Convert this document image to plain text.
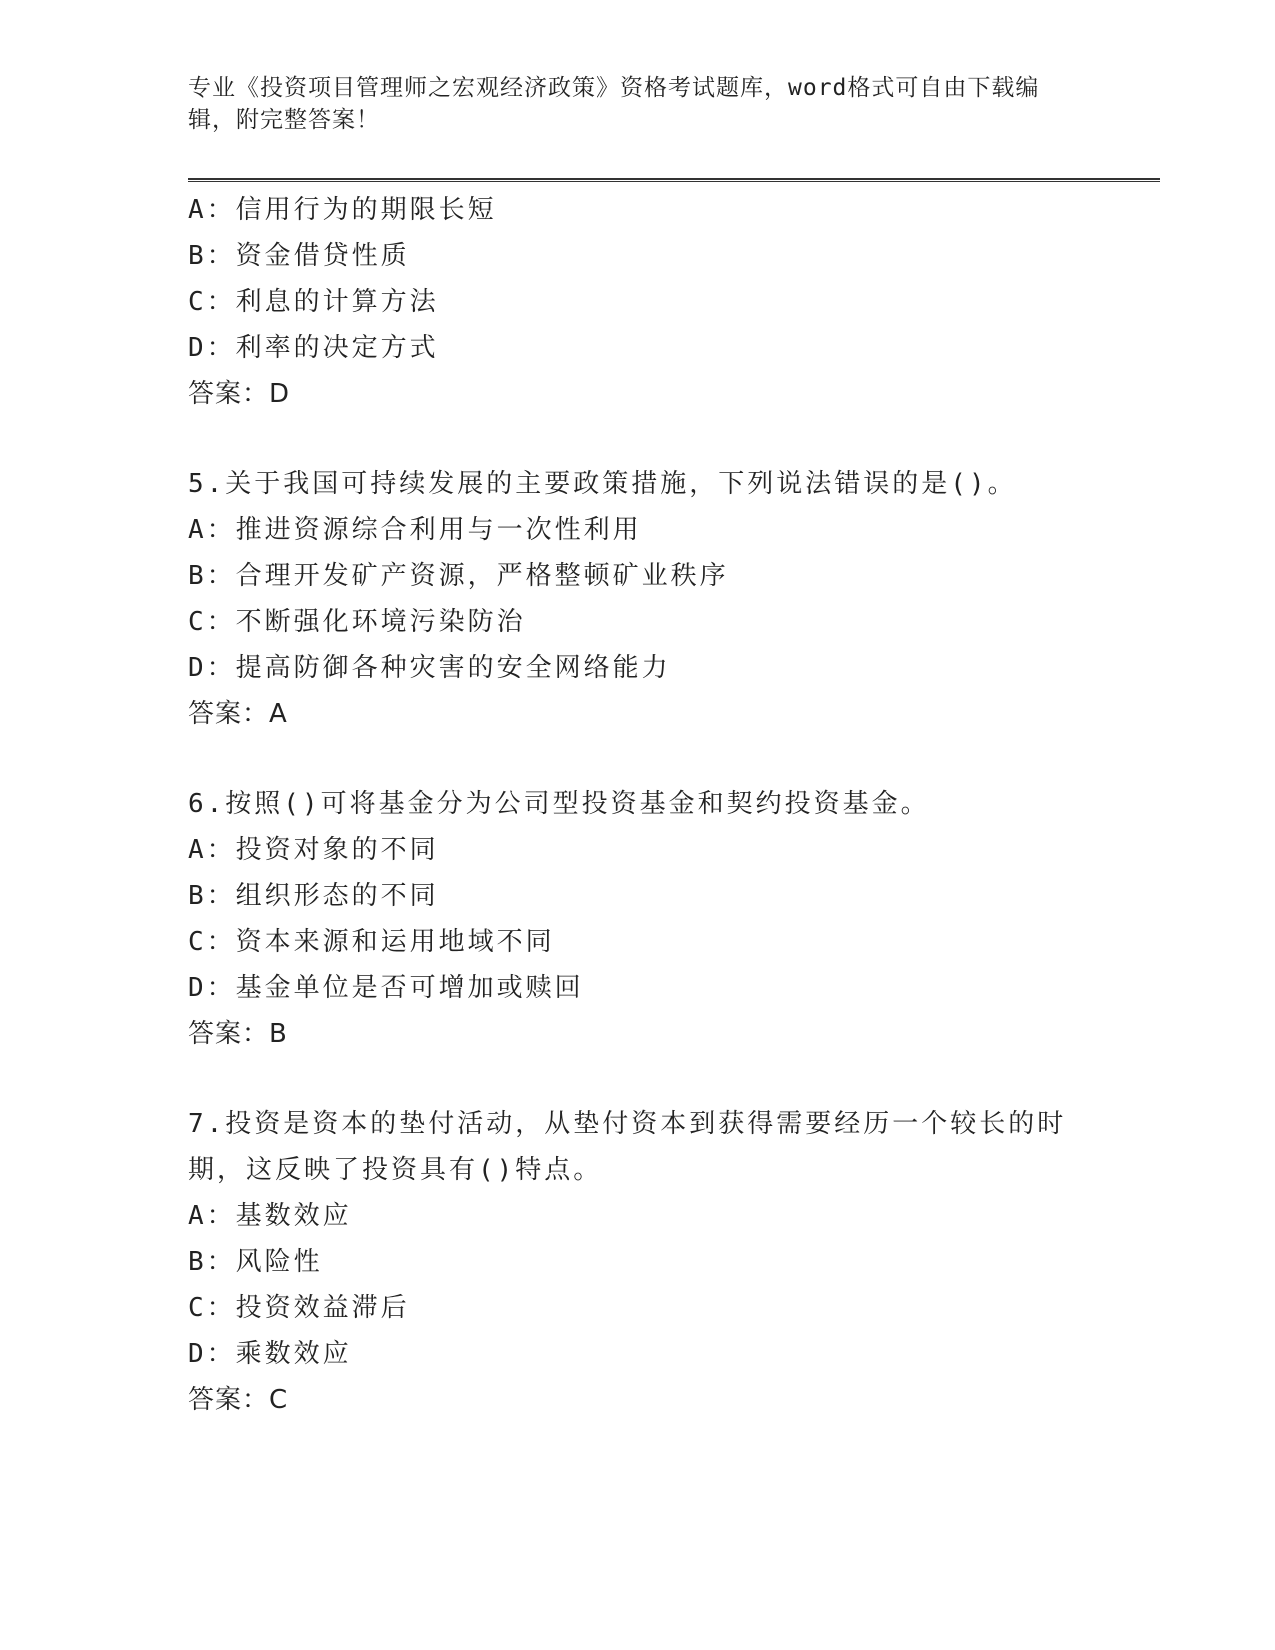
专业《投资项目管理师之宏观经济政策》资格考试题库，word格式可自由下载编
辑，附完整答案！

A：信用行为的期限长短

B：资金借贷性质

C：利息的计算方法

D：利率的决定方式

答案：D

5.关于我国可持续发展的主要政策措施，下列说法错误的是()。

A：推进资源综合利用与一次性利用

B：合理开发矿产资源，严格整顿矿业秩序

C：不断强化环境污染防治

D：提高防御各种灾害的安全网络能力

答案：A

6.按照()可将基金分为公司型投资基金和契约投资基金。

A：投资对象的不同

B：组织形态的不同

C：资本来源和运用地域不同

D：基金单位是否可增加或赎回

答案：B

7.投资是资本的垫付活动，从垫付资本到获得需要经历一个较长的时

期，这反映了投资具有()特点。

A：基数效应

B：风险性

C：投资效益滞后

D：乘数效应

答案：C
